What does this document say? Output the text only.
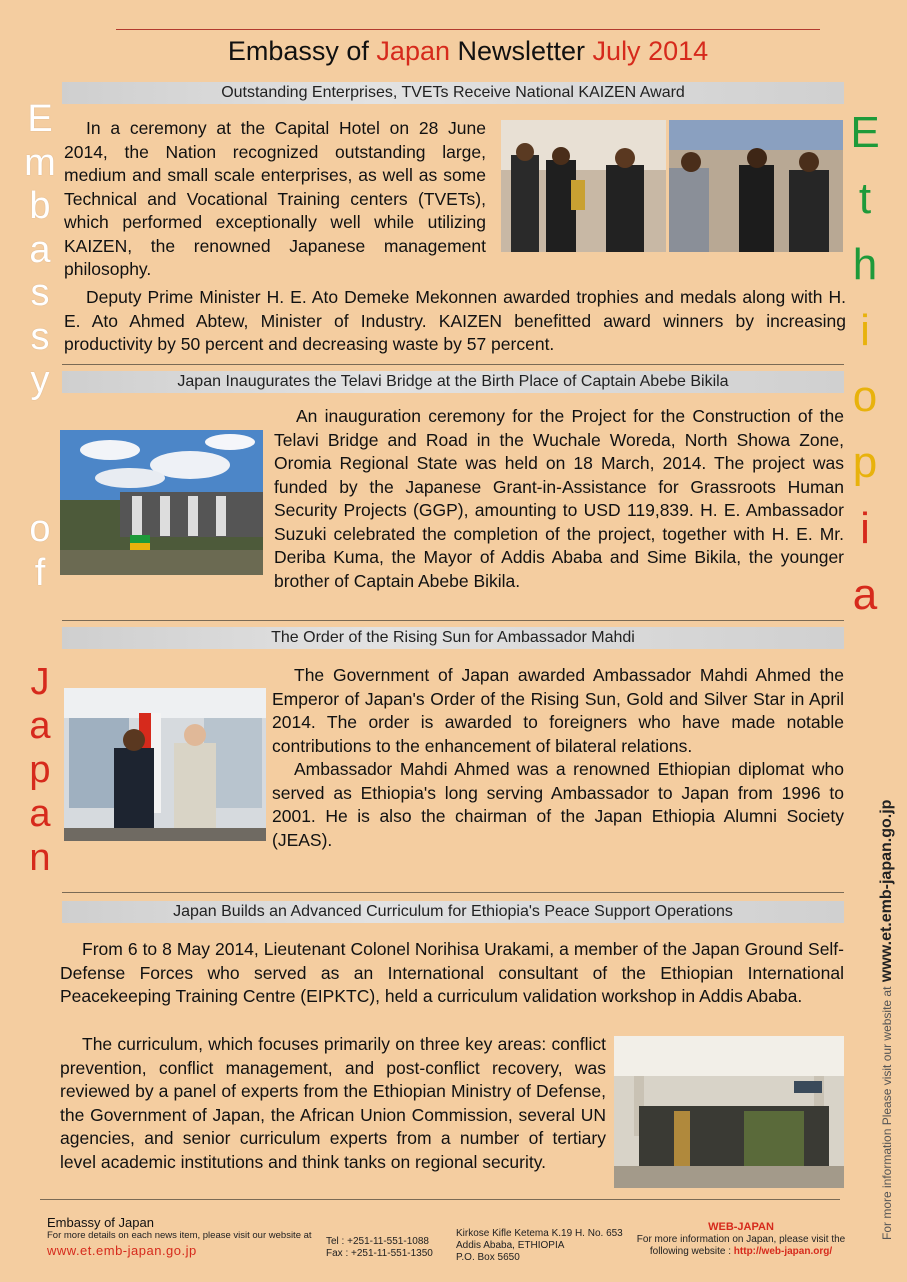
Embassy of Japan Newsletter July 2014
E
m
b
a
s
s
y
o
f
J
a
p
a
n
E
t
h
i
o
p
i
a
For more information Please visit our website at www.et.emb-japan.go.jp
Outstanding Enterprises, TVETs Receive National KAIZEN Award

In a ceremony at the Capital Hotel on 28 June 2014, the Nation recognized outstanding large, medium and small scale enterprises, as well as some Technical and Vocational Training centers (TVETs), which performed exceptionally well while utilizing KAIZEN, the renowned Japanese management philosophy.

Deputy Prime Minister H. E. Ato Demeke Mekonnen awarded trophies and medals along with H. E. Ato Ahmed Abtew, Minister of Industry. KAIZEN benefitted award winners by increasing productivity by 50 percent and decreasing waste by 57 percent.

Japan Inaugurates the Telavi Bridge at the Birth Place of Captain Abebe Bikila

An inauguration ceremony for the Project for the Construction of the Telavi Bridge and Road in the Wuchale Woreda, North Showa Zone, Oromia Regional State was held on 18 March, 2014. The project was funded by the Japanese Grant-in-Assistance for Grassroots Human Security Projects (GGP), amounting to USD 119,839. H. E. Ambassador Suzuki celebrated the completion of the project, together with H. E. Mr. Deriba Kuma, the Mayor of Addis Ababa and Sime Bikila, the younger brother of Captain Abebe Bikila.

The Order of the Rising Sun for Ambassador Mahdi

The Government of Japan awarded Ambassador Mahdi Ahmed the Emperor of Japan's Order of the Rising Sun, Gold and Silver Star in April 2014. The order is awarded to foreigners who have made notable contributions to the enhancement of bilateral relations.

Ambassador Mahdi Ahmed was a renowned Ethiopian diplomat who served as Ethiopia's long serving Ambassador to Japan from 1996 to 2001. He is also the chairman of the Japan Ethiopia Alumni Society (JEAS).

Japan Builds an Advanced Curriculum for Ethiopia's Peace Support Operations

From 6 to 8 May 2014, Lieutenant Colonel Norihisa Urakami, a member of the Japan Ground Self-Defense Forces who served as an International consultant of the Ethiopian International Peacekeeping Training Centre (EIPKTC), held a curriculum validation workshop in Addis Ababa.

The curriculum, which focuses primarily on three key areas: conflict prevention, conflict management, and post-conflict recovery, was reviewed by a panel of experts from the Ethiopian Ministry of Defense, the Government of Japan, the African Union Commission, several UN agencies, and senior curriculum experts from a number of tertiary level academic institutions and think tanks on regional security.

Embassy of Japan
For more details on each news item, please visit our website at
www.et.emb-japan.go.jp
Tel : +251-11-551-1088
Fax : +251-11-551-1350
Kirkose Kifle Ketema K.19 H. No. 653
Addis Ababa, ETHIOPIA
P.O. Box 5650
WEB-JAPAN
For more information on Japan, please visit the
following website : http://web-japan.org/
